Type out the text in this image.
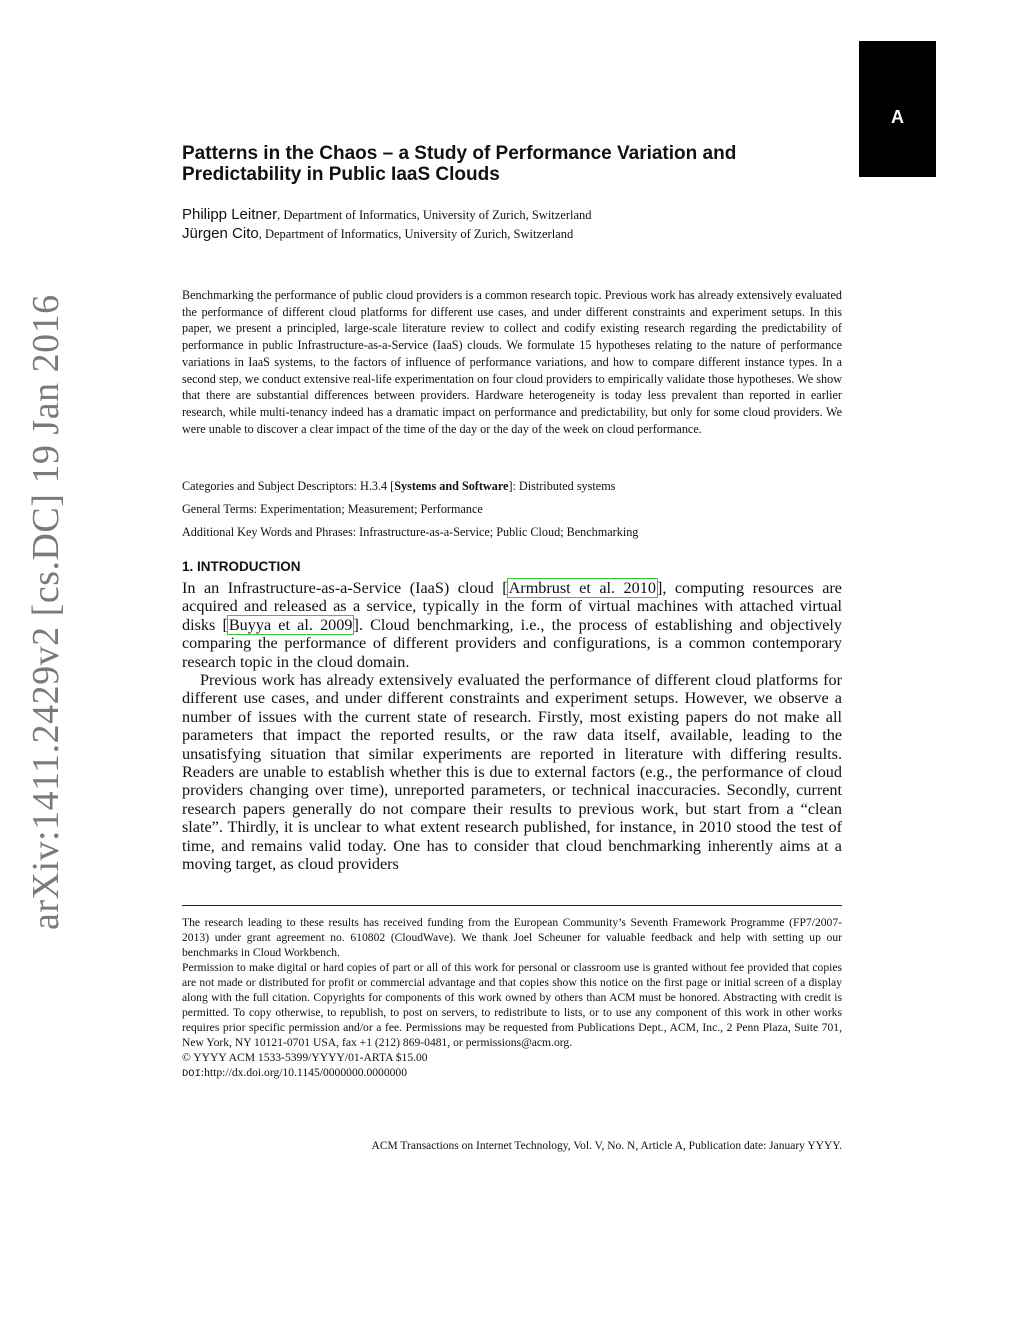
A
arXiv:1411.2429v2 [cs.DC] 19 Jan 2016
Patterns in the Chaos – a Study of Performance Variation and Predictability in Public IaaS Clouds
Philipp Leitner, Department of Informatics, University of Zurich, Switzerland
Jürgen Cito, Department of Informatics, University of Zurich, Switzerland
Benchmarking the performance of public cloud providers is a common research topic. Previous work has already extensively evaluated the performance of different cloud platforms for different use cases, and under different constraints and experiment setups. In this paper, we present a principled, large-scale literature review to collect and codify existing research regarding the predictability of performance in public Infrastructure-as-a-Service (IaaS) clouds. We formulate 15 hypotheses relating to the nature of performance variations in IaaS systems, to the factors of influence of performance variations, and how to compare different instance types. In a second step, we conduct extensive real-life experimentation on four cloud providers to empirically validate those hypotheses. We show that there are substantial differences between providers. Hardware heterogeneity is today less prevalent than reported in earlier research, while multi-tenancy indeed has a dramatic impact on performance and predictability, but only for some cloud providers. We were unable to discover a clear impact of the time of the day or the day of the week on cloud performance.
Categories and Subject Descriptors: H.3.4 [Systems and Software]: Distributed systems
General Terms: Experimentation; Measurement; Performance
Additional Key Words and Phrases: Infrastructure-as-a-Service; Public Cloud; Benchmarking
1. INTRODUCTION

In an Infrastructure-as-a-Service (IaaS) cloud [Armbrust et al. 2010], computing resources are acquired and released as a service, typically in the form of virtual machines with attached virtual disks [Buyya et al. 2009]. Cloud benchmarking, i.e., the process of establishing and objectively comparing the performance of different providers and configurations, is a common contemporary research topic in the cloud domain.

Previous work has already extensively evaluated the performance of different cloud platforms for different use cases, and under different constraints and experiment setups. However, we observe a number of issues with the current state of research. Firstly, most existing papers do not make all parameters that impact the reported results, or the raw data itself, available, leading to the unsatisfying situation that similar experiments are reported in literature with differing results. Readers are unable to establish whether this is due to external factors (e.g., the performance of cloud providers changing over time), unreported parameters, or technical inaccuracies. Secondly, current research papers generally do not compare their results to previous work, but start from a “clean slate”. Thirdly, it is unclear to what extent research published, for instance, in 2010 stood the test of time, and remains valid today. One has to consider that cloud benchmarking inherently aims at a moving target, as cloud providers

The research leading to these results has received funding from the European Community’s Seventh Framework Programme (FP7/2007-2013) under grant agreement no. 610802 (CloudWave). We thank Joel Scheuner for valuable feedback and help with setting up our benchmarks in Cloud Workbench.

Permission to make digital or hard copies of part or all of this work for personal or classroom use is granted without fee provided that copies are not made or distributed for profit or commercial advantage and that copies show this notice on the first page or initial screen of a display along with the full citation. Copyrights for components of this work owned by others than ACM must be honored. Abstracting with credit is permitted. To copy otherwise, to republish, to post on servers, to redistribute to lists, or to use any component of this work in other works requires prior specific permission and/or a fee. Permissions may be requested from Publications Dept., ACM, Inc., 2 Penn Plaza, Suite 701, New York, NY 10121-0701 USA, fax +1 (212) 869-0481, or permissions@acm.org.

© YYYY ACM 1533-5399/YYYY/01-ARTA $15.00

DOI:http://dx.doi.org/10.1145/0000000.0000000

ACM Transactions on Internet Technology, Vol. V, No. N, Article A, Publication date: January YYYY.
